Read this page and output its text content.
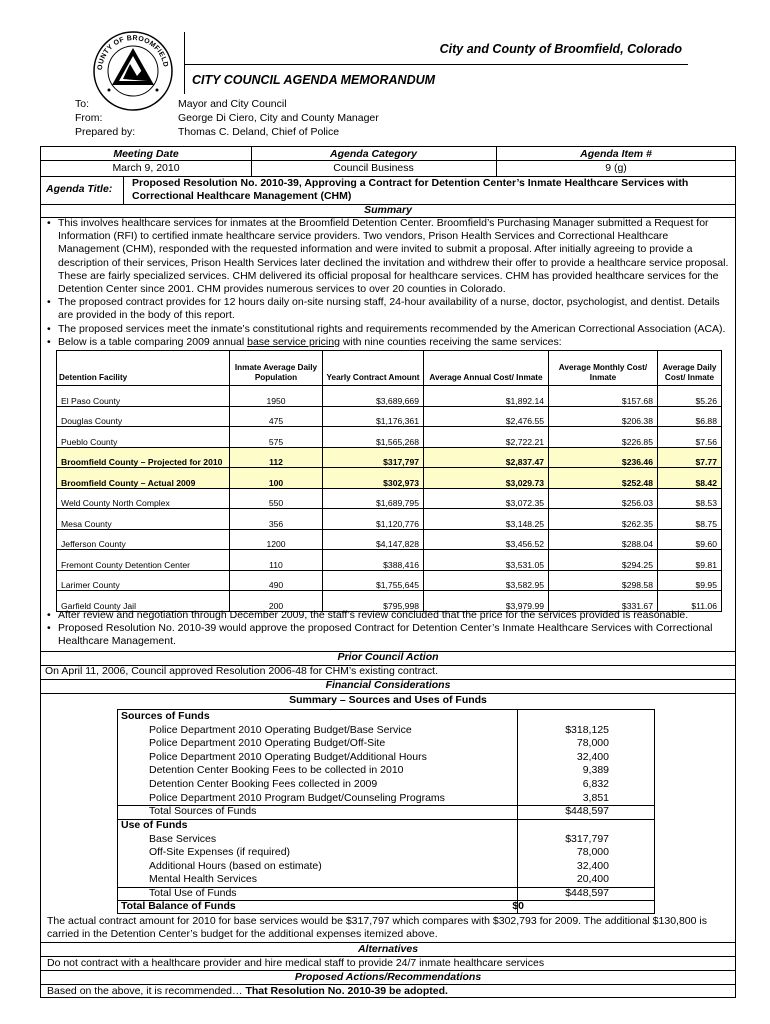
OUNTY OF BROOMFIELD
City and County of Broomfield, Colorado
CITY COUNCIL AGENDA MEMORANDUM
To:	Mayor and City Council
From:	George Di Ciero, City and County Manager
Prepared by:	Thomas C. Deland, Chief of Police
Meeting Date	Agenda Category	Agenda Item #
March 9, 2010	Council Business	9 (g)
Agenda Title: Proposed Resolution No. 2010-39, Approving a Contract for Detention Center’s Inmate Healthcare Services with
Correctional Healthcare Management (CHM)
Summary
• This involves healthcare services for inmates at the Broomfield Detention Center. Broomfield’s Purchasing Manager submitted a Request for Information (RFI) to certified inmate healthcare service providers. Two vendors, Prison Health Services and Correctional Healthcare Management (CHM), responded with the requested information and were invited to submit a proposal. After initially agreeing to provide a description of their services, Prison Health Services later declined the invitation and withdrew their offer to provide a healthcare service proposal. These are fairly specialized services. CHM delivered its official proposal for healthcare services. CHM has provided healthcare services for the Detention Center since 2001. CHM provides numerous services to over 20 counties in Colorado.
• The proposed contract provides for 12 hours daily on-site nursing staff, 24-hour availability of a nurse, doctor, psychologist, and dentist. Details are provided in the body of this report.
• The proposed services meet the inmate’s constitutional rights and requirements recommended by the American Correctional Association (ACA).
• Below is a table comparing 2009 annual base service pricing with nine counties receiving the same services:
Detention Facility	Inmate Average Daily Population	Yearly Contract Amount	Average Annual Cost/ Inmate	Average Monthly Cost/ Inmate	Average Daily Cost/ Inmate
El Paso County	1950	$3,689,669	$1,892.14	$157.68	$5.26
Douglas County	475	$1,176,361	$2,476.55	$206.38	$6.88
Pueblo County	575	$1,565,268	$2,722.21	$226.85	$7.56
Broomfield County – Projected for 2010	112	$317,797	$2,837.47	$236.46	$7.77
Broomfield County – Actual 2009	100	$302,973	$3,029.73	$252.48	$8.42
Weld County North Complex	550	$1,689,795	$3,072.35	$256.03	$8.53
Mesa County	356	$1,120,776	$3,148.25	$262.35	$8.75
Jefferson County	1200	$4,147,828	$3,456.52	$288.04	$9.60
Fremont County Detention Center	110	$388,416	$3,531.05	$294.25	$9.81
Larimer County	490	$1,755,645	$3,582.95	$298.58	$9.95
Garfield County Jail	200	$795,998	$3,979.99	$331.67	$11.06
• After review and negotiation through December 2009, the staff’s review concluded that the price for the services provided is reasonable.
• Proposed Resolution No. 2010-39 would approve the proposed Contract for Detention Center’s Inmate Healthcare Services with Correctional Healthcare Management.
Prior Council Action
On April 11, 2006, Council approved Resolution 2006-48 for CHM’s existing contract.
Financial Considerations
Summary – Sources and Uses of Funds
Sources of Funds
Police Department 2010 Operating Budget/Base Service	$318,125
Police Department 2010 Operating Budget/Off-Site	78,000
Police Department 2010 Operating Budget/Additional Hours	32,400
Detention Center Booking Fees to be collected in 2010	9,389
Detention Center Booking Fees collected in 2009	6,832
Police Department 2010 Program Budget/Counseling Programs	3,851
Total Sources of Funds	$448,597
Use of Funds
Base Services	$317,797
Off-Site Expenses (if required)	78,000
Additional Hours (based on estimate)	32,400
Mental Health Services	20,400
Total Use of Funds	$448,597
Total Balance of Funds	$0
The actual contract amount for 2010 for base services would be $317,797 which compares with $302,793 for 2009. The additional $130,800 is carried in the Detention Center’s budget for the additional expenses itemized above.
Alternatives
Do not contract with a healthcare provider and hire medical staff to provide 24/7 inmate healthcare services
Proposed Actions/Recommendations
Based on the above, it is recommended… That Resolution No. 2010-39 be adopted.
